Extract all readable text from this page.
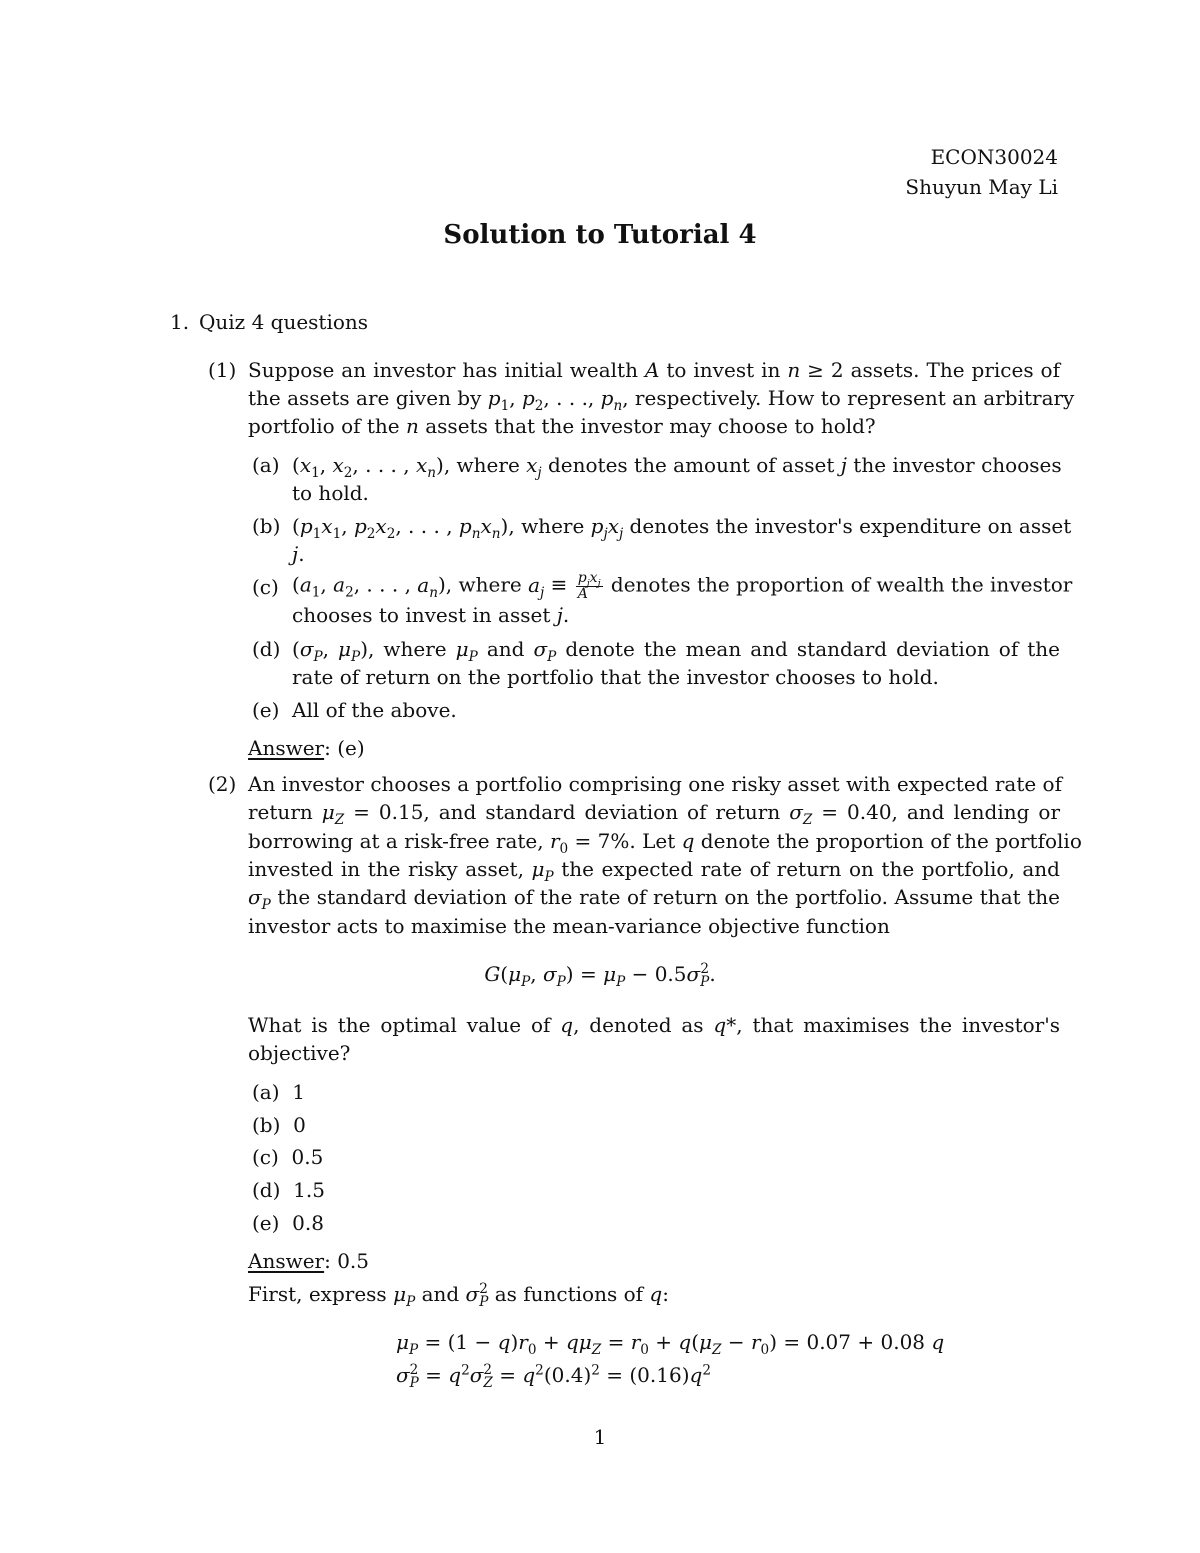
ECON30024
Shuyun May Li
Solution to Tutorial 4
1. Quiz 4 questions
(1) Suppose an investor has initial wealth A to invest in n ≥ 2 assets. The prices of
the assets are given by $p_1$, $p_2$, . . ., $p_n$, respectively. How to represent an arbitrary
portfolio of the n assets that the investor may choose to hold?
(a) ($x_1$, $x_2$, . . . , $x_n$), where $x_j$ denotes the amount of asset j the investor chooses
to hold.
(b) ($p_1x_1$, $p_2x_2$, . . . , $p_nx_n$), where $p_jx_j$ denotes the investor's expenditure on asset
j.
(c) ($a_1$, $a_2$, . . . , $a_n$), where $a_j \equiv \frac{p_jx_j}{A}$ denotes the proportion of wealth the investor
chooses to invest in asset j.
(d) ($\sigma_P$, $\mu_P$), where $\mu_P$ and $\sigma_P$ denote the mean and standard deviation of the
rate of return on the portfolio that the investor chooses to hold.
(e) All of the above.
Answer: (e)
(2) An investor chooses a portfolio comprising one risky asset with expected rate of
return $\mu_Z = 0.15$, and standard deviation of return $\sigma_Z = 0.40$, and lending or
borrowing at a risk-free rate, $r_0 = 7\%$. Let q denote the proportion of the portfolio
invested in the risky asset, $\mu_P$ the expected rate of return on the portfolio, and
$\sigma_P$ the standard deviation of the rate of return on the portfolio. Assume that the
investor acts to maximise the mean-variance objective function
$G(\mu_P$, $\sigma_P) = \mu_P - 0.5\sigma$ 2
P .
What is the optimal value of q, denoted as q*, that maximises the investor's
objective?
(a) 1
(b) 0
(c) 0.5
(d) 1.5
(e) 0.8
Answer: 0.5
First, express $\mu_P$ and σ 2
P as functions of q:
$\mu_P = (1 - q)r_0 + q\mu_Z = r_0 + q(\mu_Z - r_0) = 0.07 + 0.08$ q
σ 2
$P = q^2\sigma$ 2
$Z = q^2(0.4)^2 = (0.16)q^2$
1
